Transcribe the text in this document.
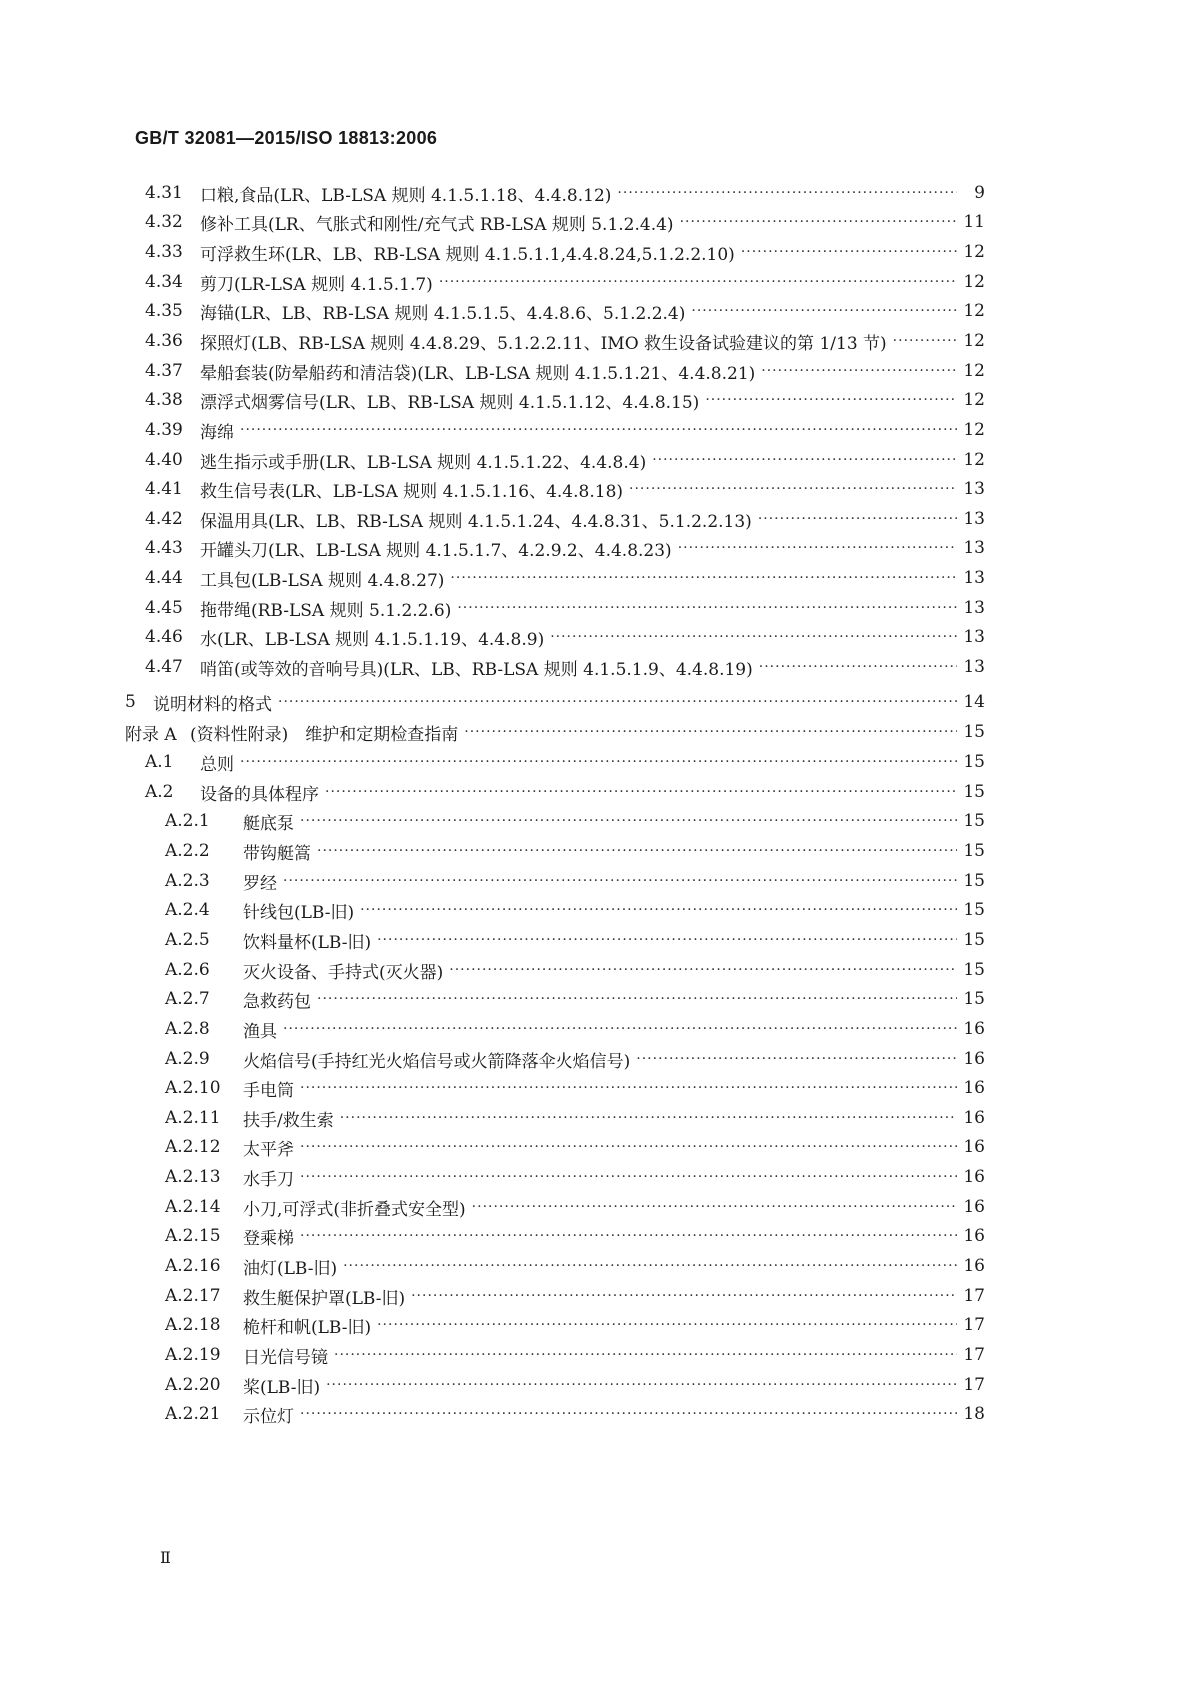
GB/T 32081—2015/ISO 18813:2006
4.31	口粮,食品(LR、LB-LSA 规则 4.1.5.1.18、4.4.8.12) ·····	9
4.32	修补工具(LR、气胀式和刚性/充气式 RB-LSA 规则 5.1.2.4.4) ·····	11
4.33	可浮救生环(LR、LB、RB-LSA 规则 4.1.5.1.1,4.4.8.24,5.1.2.2.10) ·····	12
4.34	剪刀(LR-LSA 规则 4.1.5.1.7) ·····	12
4.35	海锚(LR、LB、RB-LSA 规则 4.1.5.1.5、4.4.8.6、5.1.2.2.4) ·····	12
4.36	探照灯(LB、RB-LSA 规则 4.4.8.29、5.1.2.2.11、IMO 救生设备试验建议的第 1/13 节) ·····	12
4.37	晕船套装(防晕船药和清洁袋)(LR、LB-LSA 规则 4.1.5.1.21、4.4.8.21) ·····	12
4.38	漂浮式烟雾信号(LR、LB、RB-LSA 规则 4.1.5.1.12、4.4.8.15) ·····	12
4.39	海绵 ·····	12
4.40	逃生指示或手册(LR、LB-LSA 规则 4.1.5.1.22、4.4.8.4) ·····	12
4.41	救生信号表(LR、LB-LSA 规则 4.1.5.1.16、4.4.8.18) ·····	13
4.42	保温用具(LR、LB、RB-LSA 规则 4.1.5.1.24、4.4.8.31、5.1.2.2.13) ·····	13
4.43	开罐头刀(LR、LB-LSA 规则 4.1.5.1.7、4.2.9.2、4.4.8.23) ·····	13
4.44	工具包(LB-LSA 规则 4.4.8.27) ·····	13
4.45	拖带绳(RB-LSA 规则 5.1.2.2.6) ·····	13
4.46	水(LR、LB-LSA 规则 4.1.5.1.19、4.4.8.9) ·····	13
4.47	哨笛(或等效的音响号具)(LR、LB、RB-LSA 规则 4.1.5.1.9、4.4.8.19) ·····	13
5	说明材料的格式 ·····	14
附录 A (资料性附录)　维护和定期检查指南 ·····	15
A.1	总则 ·····	15
A.2	设备的具体程序 ·····	15
A.2.1	艇底泵 ·····	15
A.2.2	带钩艇篙 ·····	15
A.2.3	罗经 ·····	15
A.2.4	针线包(LB-旧) ·····	15
A.2.5	饮料量杯(LB-旧) ·····	15
A.2.6	灭火设备、手持式(灭火器) ·····	15
A.2.7	急救药包 ·····	15
A.2.8	渔具 ·····	16
A.2.9	火焰信号(手持红光火焰信号或火箭降落伞火焰信号) ·····	16
A.2.10	手电筒 ·····	16
A.2.11	扶手/救生索 ·····	16
A.2.12	太平斧 ·····	16
A.2.13	水手刀 ·····	16
A.2.14	小刀,可浮式(非折叠式安全型) ·····	16
A.2.15	登乘梯 ·····	16
A.2.16	油灯(LB-旧) ·····	16
A.2.17	救生艇保护罩(LB-旧) ·····	17
A.2.18	桅杆和帆(LB-旧) ·····	17
A.2.19	日光信号镜 ·····	17
A.2.20	桨(LB-旧) ·····	17
A.2.21	示位灯 ·····	18
Ⅱ
